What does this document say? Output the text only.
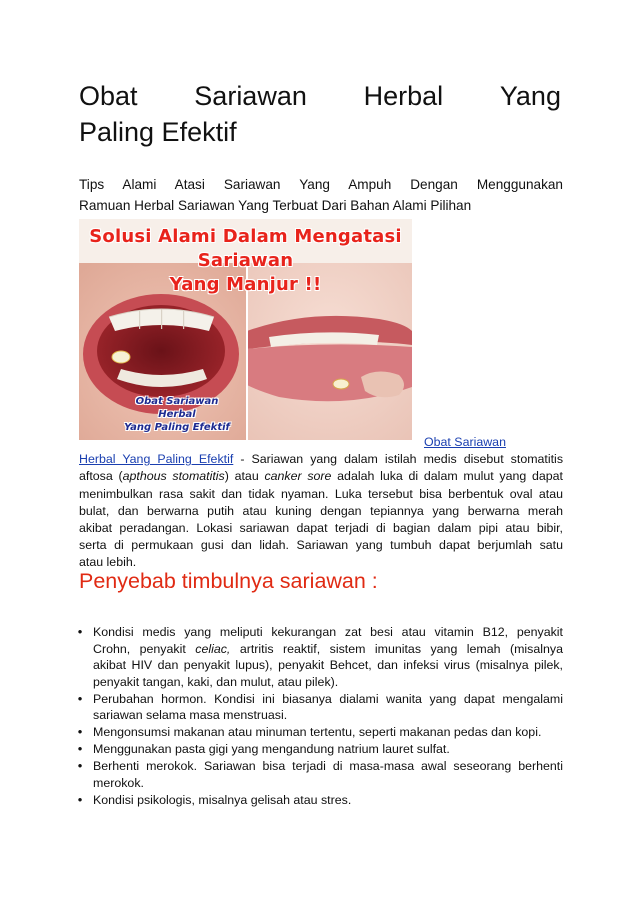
Obat Sariawan Herbal Yang
Paling Efektif

Tips Alami Atasi Sariawan Yang Ampuh Dengan Menggunakan
Ramuan Herbal Sariawan Yang Terbuat Dari Bahan Alami Pilihan

Solusi Alami Dalam Mengatasi Sariawan
Yang Manjur !!
Obat Sariawan Herbal
Yang Paling Efektif

Obat Sariawan
Herbal Yang Paling Efektif - Sariawan yang dalam istilah medis disebut stomatitis
aftosa (apthous stomatitis) atau canker sore adalah luka di dalam mulut yang dapat
menimbulkan rasa sakit dan tidak nyaman. Luka tersebut bisa berbentuk oval atau
bulat, dan berwarna putih atau kuning dengan tepiannya yang berwarna merah
akibat peradangan. Lokasi sariawan dapat terjadi di bagian dalam pipi atau bibir,
serta di permukaan gusi dan lidah. Sariawan yang tumbuh dapat berjumlah satu
atau lebih.

Penyebab timbulnya sariawan :
• Kondisi medis yang meliputi kekurangan zat besi atau vitamin B12, penyakit
Crohn, penyakit celiac, artritis reaktif, sistem imunitas yang lemah (misalnya
akibat HIV dan penyakit lupus), penyakit Behcet, dan infeksi virus (misalnya pilek,
penyakit tangan, kaki, dan mulut, atau pilek).
• Perubahan hormon. Kondisi ini biasanya dialami wanita yang dapat mengalami
sariawan selama masa menstruasi.
• Mengonsumsi makanan atau minuman tertentu, seperti makanan pedas dan kopi.
• Menggunakan pasta gigi yang mengandung natrium lauret sulfat.
• Berhenti merokok. Sariawan bisa terjadi di masa-masa awal seseorang berhenti
merokok.
• Kondisi psikologis, misalnya gelisah atau stres.
